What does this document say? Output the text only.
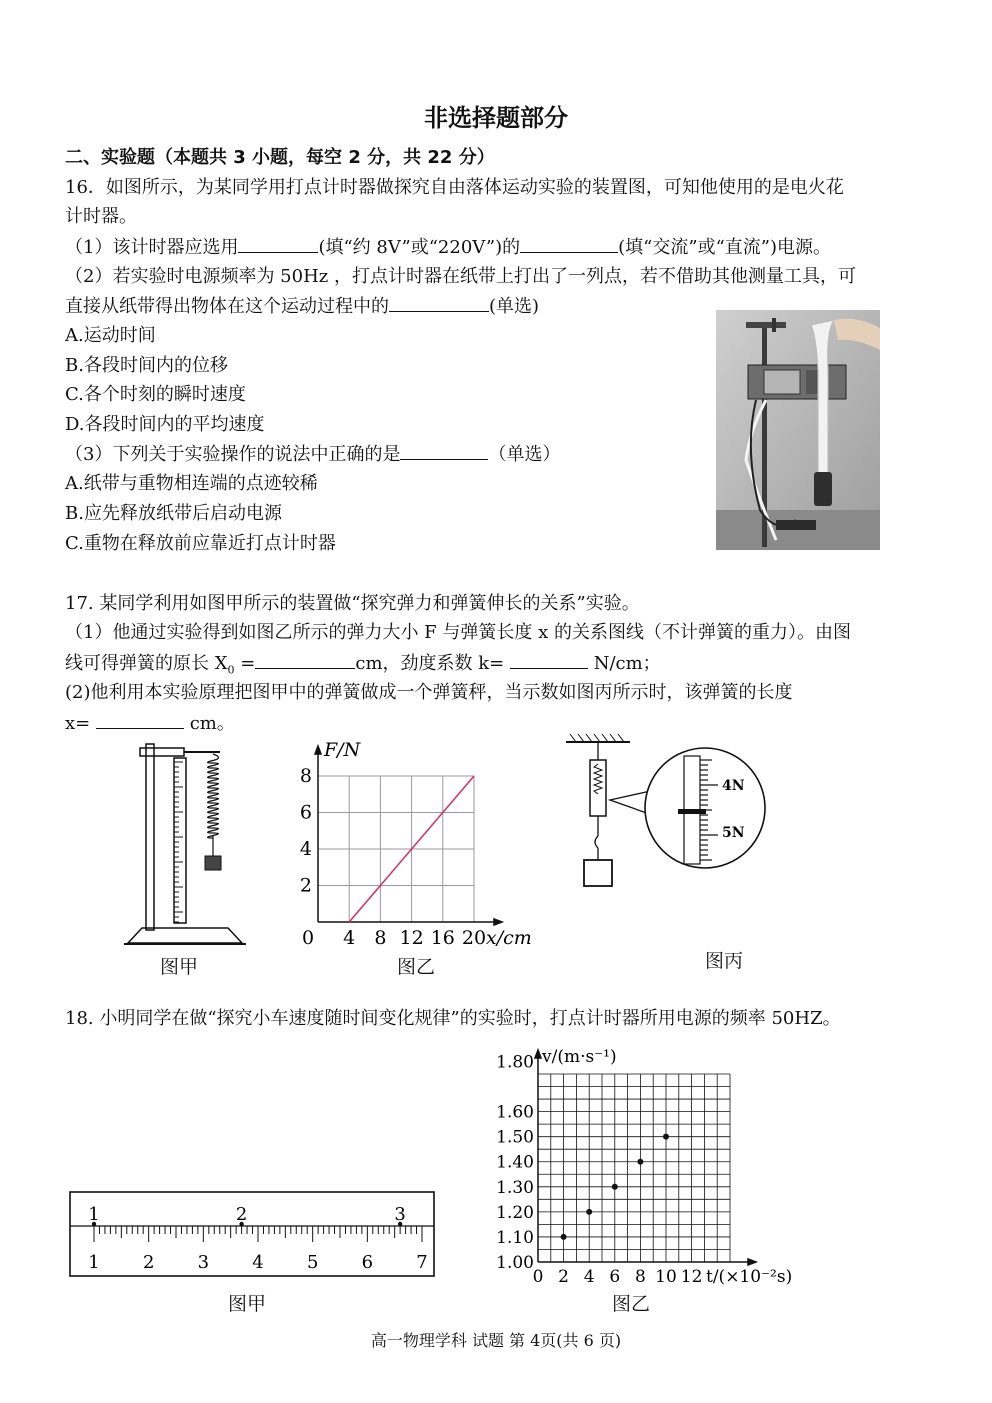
非选择题部分
二、实验题（本题共 3 小题，每空 2 分，共 22 分）
16．如图所示，为某同学用打点计时器做探究自由落体运动实验的装置图，可知他使用的是电火花
计时器。
（1）该计时器应选用	(填“约 8V”或“220V”)的	(填“交流”或“直流”)电源。
（2）若实验时电源频率为 50Hz ，打点计时器在纸带上打出了一列点，若不借助其他测量工具，可
直接从纸带得出物体在这个运动过程中的	(单选)
A.运动时间
B.各段时间内的位移
C.各个时刻的瞬时速度
D.各段时间内的平均速度
（3）下列关于实验操作的说法中正确的是	（单选）
A.纸带与重物相连端的点迹较稀
B.应先释放纸带后启动电源
C.重物在释放前应靠近打点计时器
17. 某同学利用如图甲所示的装置做“探究弹力和弹簧伸长的关系”实验。
（1）他通过实验得到如图乙所示的弹力大小 F 与弹簧长度 x 的关系图线（不计弹簧的重力）。由图
线可得弹簧的原长 $X_0$ =	cm，劲度系数 k=	N/cm；
(2)他利用本实验原理把图甲中的弹簧做成一个弹簧秤，当示数如图丙所示时，该弹簧的长度
x=	cm。
图甲
0 4 8 12 16 20
2
4
6
8
F/N
x/cm
图乙
4N
5N
图丙
18. 小明同学在做“探究小车速度随时间变化规律”的实验时，打点计时器所用电源的频率 50HZ。
1	2	3
1 2 3 4 5 6 7
图甲
0 2 4 6 8 10 12
1.00
1.10
1.20
1.30
1.40
1.50
1.60
1.80 v/(m·s⁻¹)
t/(×10⁻²s)
图乙
高一物理学科 试题 第 4页(共 6 页)
